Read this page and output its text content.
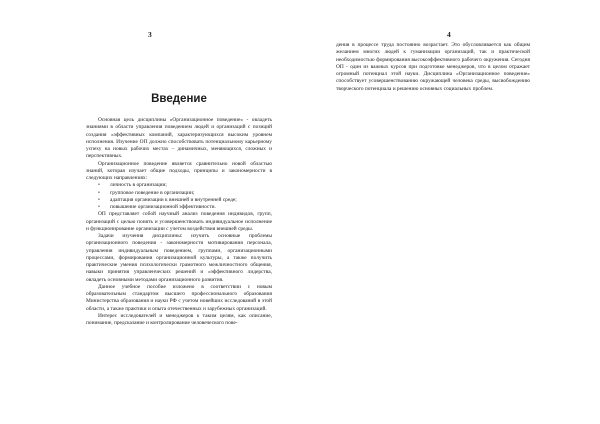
3
Введение

Основная цель дисциплины «Организационное поведение» - овладеть знаниями в области управления поведением людей и организаций с позиций создания «эффективных компаний, характеризующихся высоким уровнем исполнения. Изучение ОП должно способствовать потенциальному карьерному успеху на новых рабочих местах – динамичных, меняющихся, сложных и перспективных.

Организационное поведение является сравнительно новой областью знаний, которая изучает общие подходы, принципы и закономерности в следующих направлениях:

• личность в организации;
• групповое поведение в организации;
• адаптация организации к внешней и внутренней среде;
• повышение организационной эффективности.

ОП представляет собой научный анализ поведения индивидов, групп, организаций с целью понять и усовершенствовать индивидуальное исполнение и функционирование организации с учетом воздействия внешней среды.

Задачи изучения дисциплины: изучить основные проблемы организационного поведения - закономерности мотивирования персонала, управления индивидуальным поведением, группами, организационными процессами, формирования организационной культуры, а также получить практические умения психологически грамотного межличностного общения, навыки принятия управленческих решений и «эффективного лидерства, овладеть основными методами организационного развития.

Данное учебное пособие изложено в соответствии с новым образовательным стандартом высшего профессионального образования Министерства образования и науки РФ с учетом новейших исследований в этой области, а также практики и опыта отечественных и зарубежных организаций.

Интерес исследователей и менеджеров к таким целям, как описание, понимание, предсказание и контролирование человеческого пове-

4

дения в процессе труда постоянно возрастает. Это обусловливается как общим желанием многих людей к гуманизации организаций, так и практической необходимостью формирования высокоэффективного рабочего окружения. Сегодня ОП - один из важных курсов при подготовке менеджеров, что в целом отражает огромный потенциал этой науки. Дисциплина «Организационное поведение» способствует усовершенствованию окружающей человека среды, высвобождению творческого потенциала и решению основных социальных проблем.
